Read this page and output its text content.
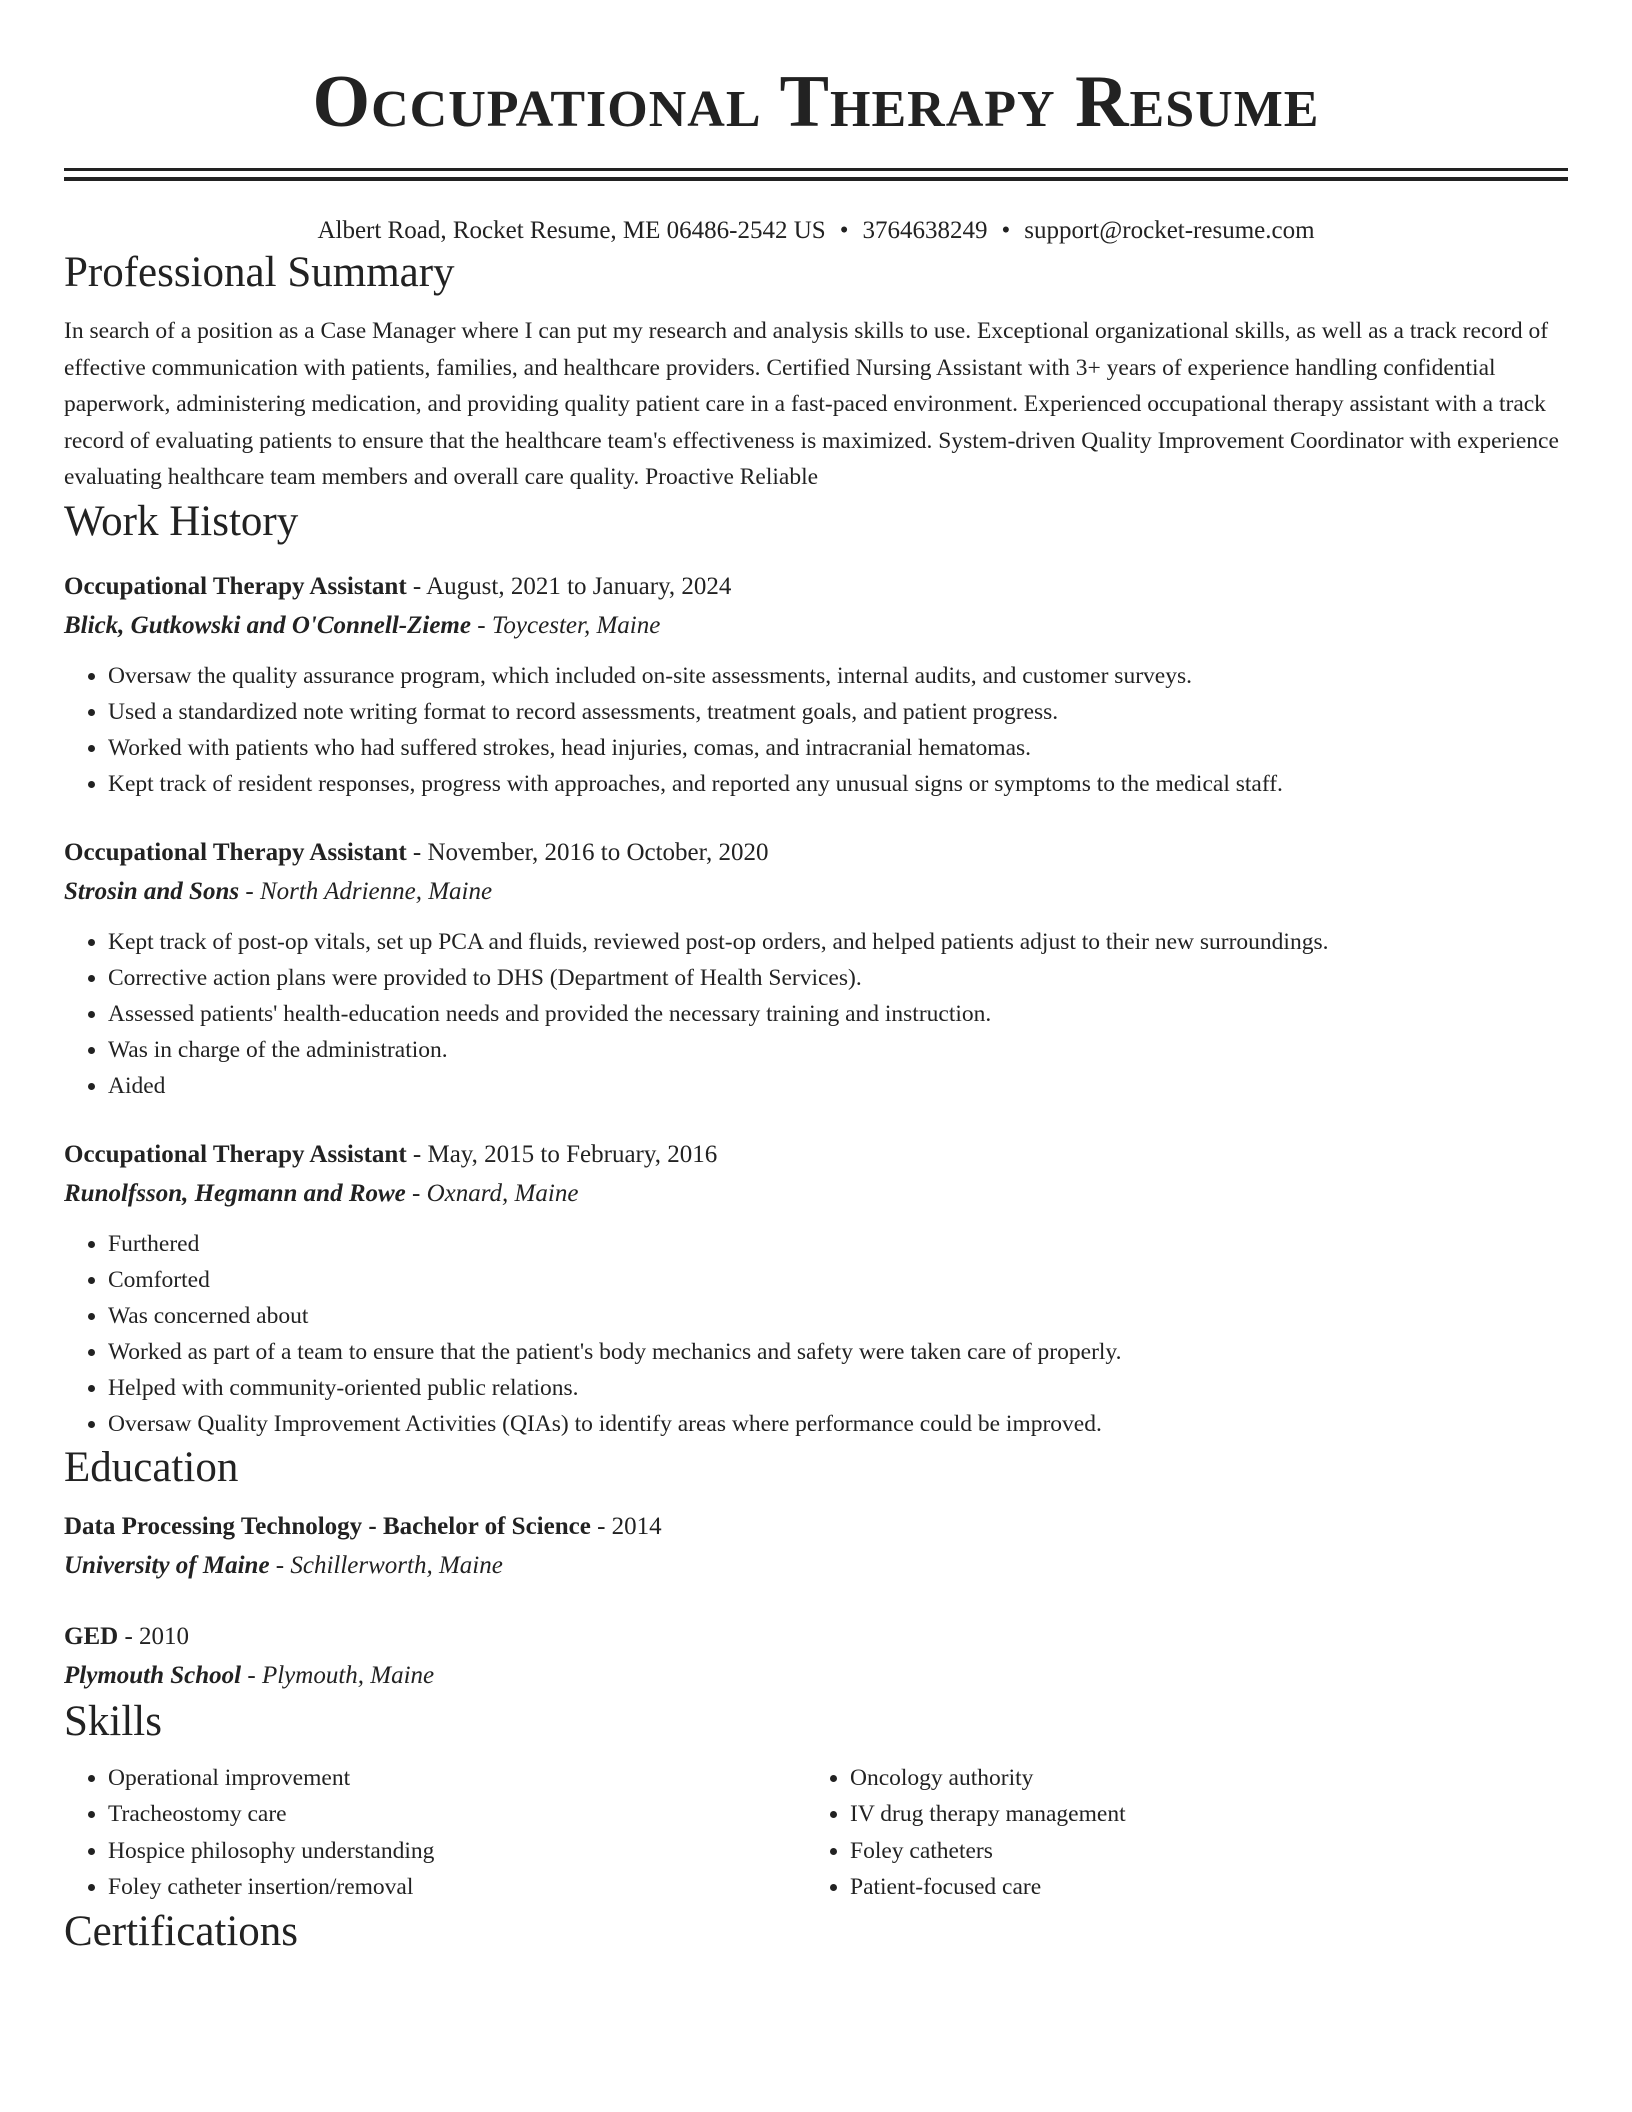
Occupational Therapy Resume
Albert Road, Rocket Resume, ME 06486-2542 US • 3764638249 • support@rocket-resume.com
Professional Summary
In search of a position as a Case Manager where I can put my research and analysis skills to use. Exceptional organizational skills, as well as a track record of effective communication with patients, families, and healthcare providers. Certified Nursing Assistant with 3+ years of experience handling confidential paperwork, administering medication, and providing quality patient care in a fast-paced environment. Experienced occupational therapy assistant with a track record of evaluating patients to ensure that the healthcare team's effectiveness is maximized. System-driven Quality Improvement Coordinator with experience evaluating healthcare team members and overall care quality. Proactive Reliable
Work History
Occupational Therapy Assistant - August, 2021 to January, 2024
Blick, Gutkowski and O'Connell-Zieme - Toycester, Maine
• Oversaw the quality assurance program, which included on-site assessments, internal audits, and customer surveys.
• Used a standardized note writing format to record assessments, treatment goals, and patient progress.
• Worked with patients who had suffered strokes, head injuries, comas, and intracranial hematomas.
• Kept track of resident responses, progress with approaches, and reported any unusual signs or symptoms to the medical staff.
Occupational Therapy Assistant - November, 2016 to October, 2020
Strosin and Sons - North Adrienne, Maine
• Kept track of post-op vitals, set up PCA and fluids, reviewed post-op orders, and helped patients adjust to their new surroundings.
• Corrective action plans were provided to DHS (Department of Health Services).
• Assessed patients' health-education needs and provided the necessary training and instruction.
• Was in charge of the administration.
• Aided
Occupational Therapy Assistant - May, 2015 to February, 2016
Runolfsson, Hegmann and Rowe - Oxnard, Maine
• Furthered
• Comforted
• Was concerned about
• Worked as part of a team to ensure that the patient's body mechanics and safety were taken care of properly.
• Helped with community-oriented public relations.
• Oversaw Quality Improvement Activities (QIAs) to identify areas where performance could be improved.
Education
Data Processing Technology - Bachelor of Science - 2014
University of Maine - Schillerworth, Maine
GED - 2010
Plymouth School - Plymouth, Maine
Skills
• Operational improvement
• Tracheostomy care
• Hospice philosophy understanding
• Foley catheter insertion/removal
• Oncology authority
• IV drug therapy management
• Foley catheters
• Patient-focused care
Certifications
